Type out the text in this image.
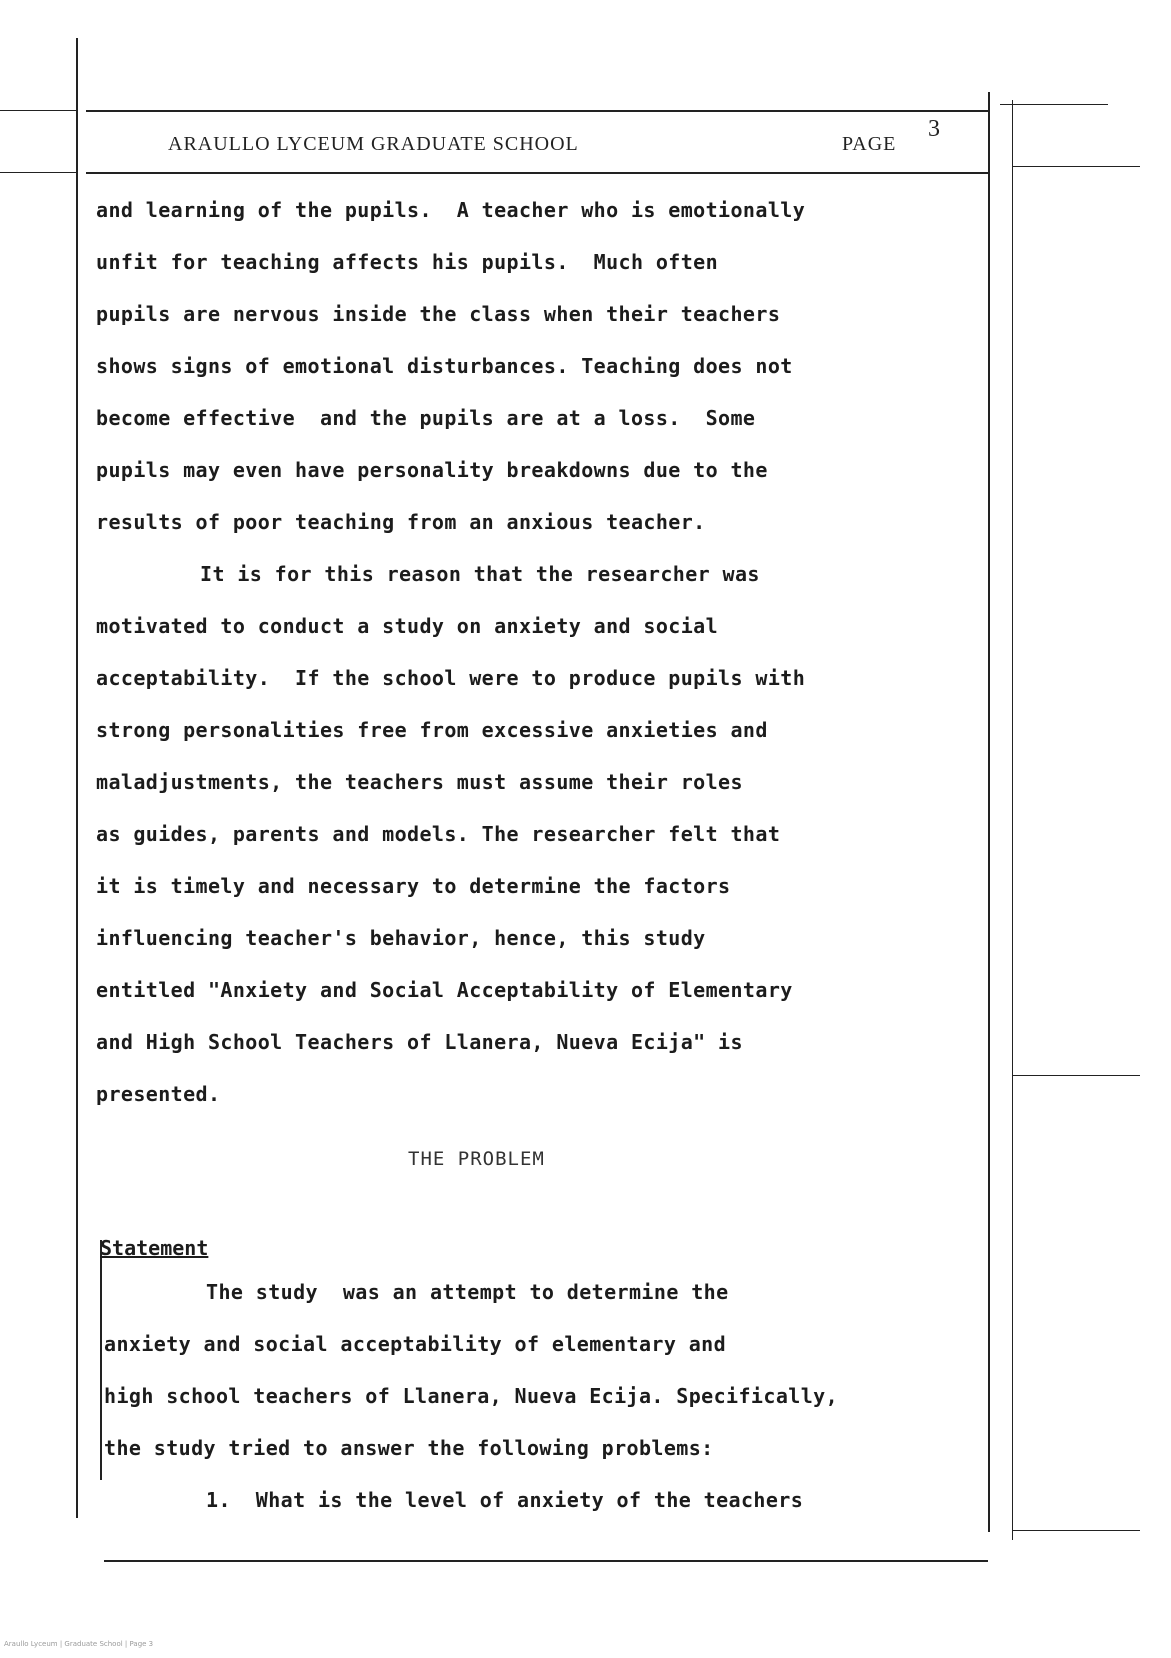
ARAULLO LYCEUM GRADUATE SCHOOL	PAGE
3
and learning of the pupils.  A teacher who is emotionally
unfit for teaching affects his pupils.  Much often
pupils are nervous inside the class when their teachers
shows signs of emotional disturbances. Teaching does not
become effective  and the pupils are at a loss.  Some
pupils may even have personality breakdowns due to the
results of poor teaching from an anxious teacher.
It is for this reason that the researcher was
motivated to conduct a study on anxiety and social
acceptability.  If the school were to produce pupils with
strong personalities free from excessive anxieties and
maladjustments, the teachers must assume their roles
as guides, parents and models. The researcher felt that
it is timely and necessary to determine the factors
influencing teacher's behavior, hence, this study
entitled "Anxiety and Social Acceptability of Elementary
and High School Teachers of Llanera, Nueva Ecija" is
presented.
THE PROBLEM
Statement
The study  was an attempt to determine the
anxiety and social acceptability of elementary and
high school teachers of Llanera, Nueva Ecija. Specifically,
the study tried to answer the following problems:
1.  What is the level of anxiety of the teachers
Araullo Lyceum | Graduate School | Page 3
